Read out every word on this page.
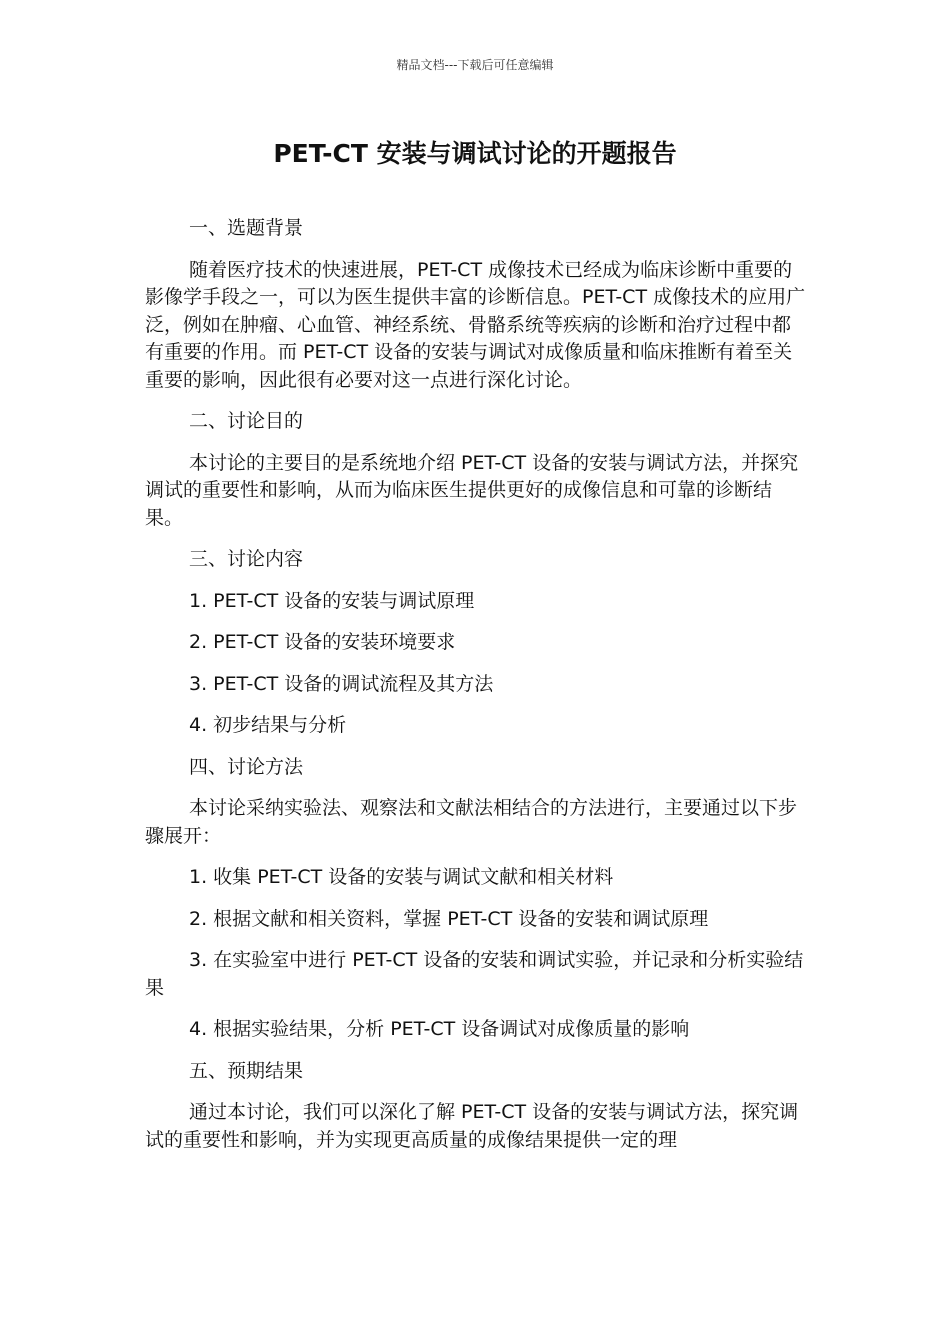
精品文档---下载后可任意编辑
PET-CT 安装与调试讨论的开题报告

一、选题背景

随着医疗技术的快速进展，PET-CT 成像技术已经成为临床诊断中重要的影像学手段之一，可以为医生提供丰富的诊断信息。PET-CT 成像技术的应用广泛，例如在肿瘤、心血管、神经系统、骨骼系统等疾病的诊断和治疗过程中都有重要的作用。而 PET-CT 设备的安装与调试对成像质量和临床推断有着至关重要的影响，因此很有必要对这一点进行深化讨论。

二、讨论目的

本讨论的主要目的是系统地介绍 PET-CT 设备的安装与调试方法，并探究调试的重要性和影响，从而为临床医生提供更好的成像信息和可靠的诊断结果。

三、讨论内容

1. PET-CT 设备的安装与调试原理

2. PET-CT 设备的安装环境要求

3. PET-CT 设备的调试流程及其方法

4. 初步结果与分析

四、讨论方法

本讨论采纳实验法、观察法和文献法相结合的方法进行，主要通过以下步骤展开：

1. 收集 PET-CT 设备的安装与调试文献和相关材料

2. 根据文献和相关资料，掌握 PET-CT 设备的安装和调试原理

3. 在实验室中进行 PET-CT 设备的安装和调试实验，并记录和分析实验结果

4. 根据实验结果，分析 PET-CT 设备调试对成像质量的影响

五、预期结果

通过本讨论，我们可以深化了解 PET-CT 设备的安装与调试方法，探究调试的重要性和影响，并为实现更高质量的成像结果提供一定的理
